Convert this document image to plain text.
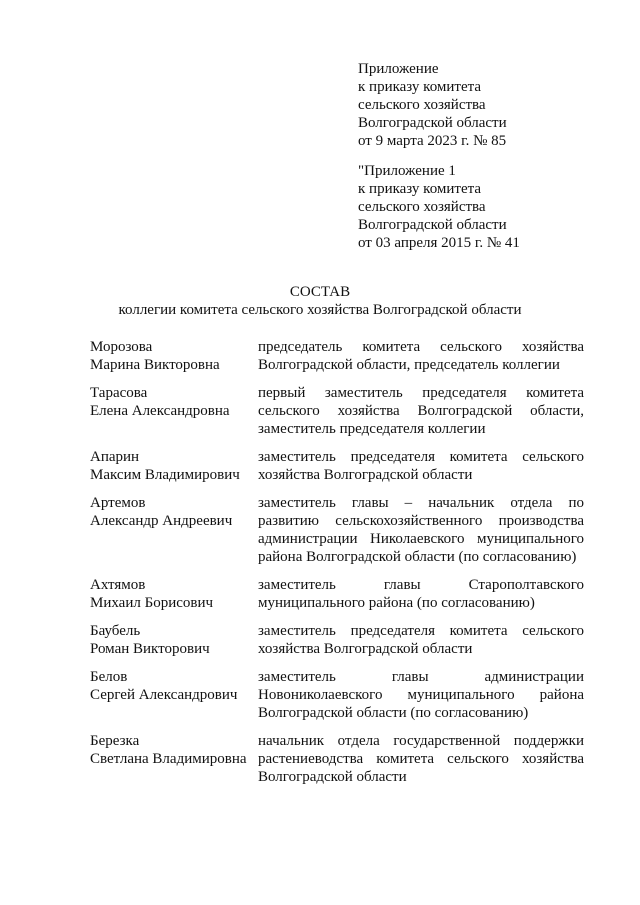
Приложение
к приказу комитета
сельского хозяйства
Волгоградской области
от 9 марта 2023 г. № 85
"Приложение 1
к приказу комитета
сельского хозяйства
Волгоградской области
от 03 апреля 2015 г. № 41
СОСТАВ
коллегии комитета сельского хозяйства Волгоградской области
Морозова
Марина Викторовна
председатель комитета сельского хозяйства Волгоградской области, председатель коллегии
Тарасова
Елена Александровна
первый заместитель председателя комитета сельского хозяйства Волгоградской области, заместитель председателя коллегии
Апарин
Максим Владимирович
заместитель председателя комитета сельского хозяйства Волгоградской области
Артемов
Александр Андреевич
заместитель главы – начальник отдела по развитию сельскохозяйственного производства администрации Николаевского муниципального района Волгоградской области (по согласованию)
Ахтямов
Михаил Борисович
заместитель главы Старополтавского муниципального района (по согласованию)
Баубель
Роман Викторович
заместитель председателя комитета сельского хозяйства Волгоградской области
Белов
Сергей Александрович
заместитель главы администрации Новониколаевского муниципального района Волгоградской области (по согласованию)
Березка
Светлана Владимировна
начальник отдела государственной поддержки растениеводства комитета сельского хозяйства Волгоградской области
